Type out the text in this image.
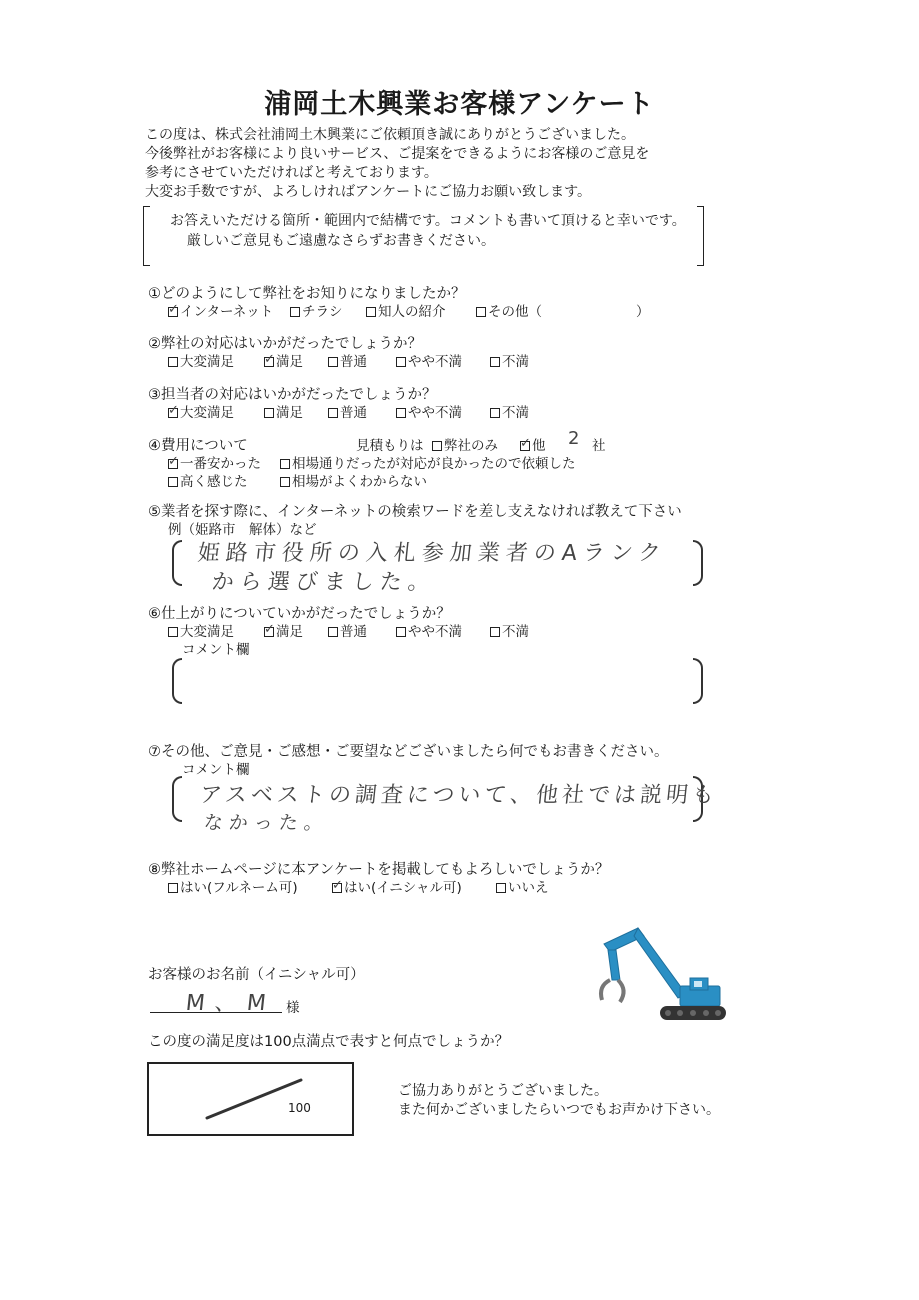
浦岡土木興業お客様アンケート
この度は、株式会社浦岡土木興業にご依頼頂き誠にありがとうございました。
今後弊社がお客様により良いサービス、ご提案をできるようにお客様のご意見を
参考にさせていただければと考えております。
大変お手数ですが、よろしければアンケートにご協力お願い致します。
お答えいただける箇所・範囲内で結構です。コメントも書いて頂けると幸いです。
厳しいご意見もご遠慮なさらずお書きください。
①どのようにして弊社をお知りになりましたか？
✓インターネット	チラシ	知人の紹介	その他（	）
②弊社の対応はいかがだったでしょうか？
大変満足 ✓	満足	普通	やや不満	不満
③担当者の対応はいかがだったでしょうか？
✓大変満足	満足	普通	やや不満	不満
④費用について	見積もりは	弊社のみ ✓	他 2 社
✓一番安かった	相場通りだったが対応が良かったので依頼した
高く感じた	相場がよくわからない
⑤業者を探す際に、インターネットの検索ワードを差し支えなければ教えて下さい
例（姫路市　解体）など
姫路市役所の入札参加業者のAランク
から選びました。
⑥仕上がりについていかがだったでしょうか？
大変満足 ✓	満足	普通	やや不満	不満
コメント欄
⑦その他、ご意見・ご感想・ご要望などございましたら何でもお書きください。
コメント欄
アスベストの調査について、他社では説明も
なかった。
⑧弊社ホームページに本アンケートを掲載してもよろしいでしょうか？
はい(フルネーム可) ✓	はい(イニシャル可)	いいえ
お客様のお名前（イニシャル可）
M、M 様
この度の満足度は100点満点で表すと何点でしょうか？
100
ご協力ありがとうございました。
また何かございましたらいつでもお声かけ下さい。
